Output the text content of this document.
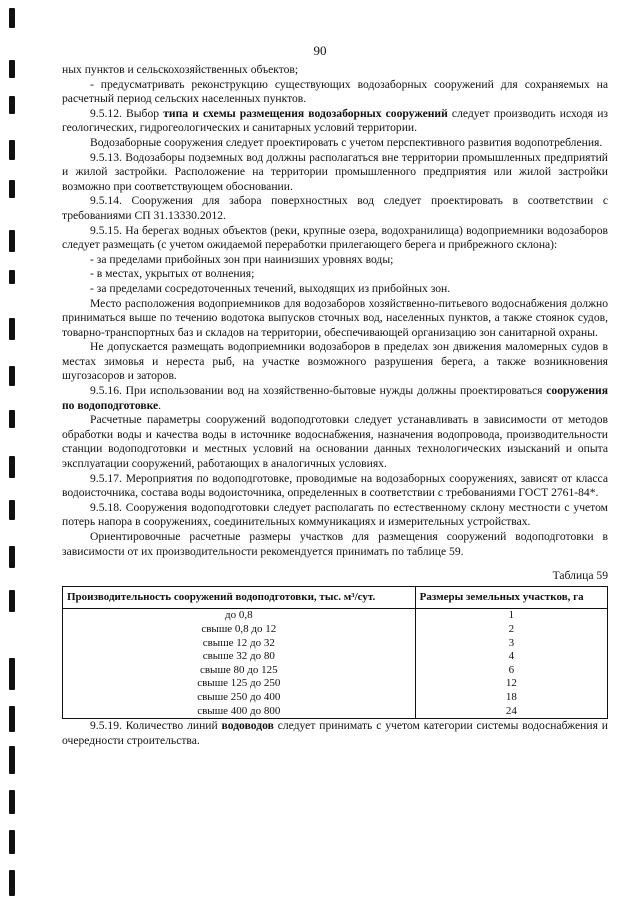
90

ных пунктов и сельскохозяйственных объектов;

- предусматривать реконструкцию существующих водозаборных сооружений для сохраняемых на расчетный период сельских населенных пунктов.

9.5.12. Выбор типа и схемы размещения водозаборных сооружений следует производить исходя из геологических, гидрогеологических и санитарных условий территории.

Водозаборные сооружения следует проектировать с учетом перспективного развития водопотребления.

9.5.13. Водозаборы подземных вод должны располагаться вне территории промышленных предприятий и жилой застройки. Расположение на территории промышленного предприятия или жилой застройки возможно при соответствующем обосновании.

9.5.14. Сооружения для забора поверхностных вод следует проектировать в соответствии с требованиями СП 31.13330.2012.

9.5.15. На берегах водных объектов (реки, крупные озера, водохранилища) водоприемники водозаборов следует размещать (с учетом ожидаемой переработки прилегающего берега и прибрежного склона):

- за пределами прибойных зон при наинизших уровнях воды;

- в местах, укрытых от волнения;

- за пределами сосредоточенных течений, выходящих из прибойных зон.

Место расположения водоприемников для водозаборов хозяйственно-питьевого водоснабжения должно приниматься выше по течению водотока выпусков сточных вод, населенных пунктов, а также стоянок судов, товарно-транспортных баз и складов на территории, обеспечивающей организацию зон санитарной охраны.

Не допускается размещать водоприемники водозаборов в пределах зон движения маломерных судов в местах зимовья и нереста рыб, на участке возможного разрушения берега, а также возникновения шугозасоров и заторов.

9.5.16. При использовании вод на хозяйственно-бытовые нужды должны проектироваться сооружения по водоподготовке.

Расчетные параметры сооружений водоподготовки следует устанавливать в зависимости от методов обработки воды и качества воды в источнике водоснабжения, назначения водопровода, производительности станции водоподготовки и местных условий на основании данных технологических изысканий и опыта эксплуатации сооружений, работающих в аналогичных условиях.

9.5.17. Мероприятия по водоподготовке, проводимые на водозаборных сооружениях, зависят от класса водоисточника, состава воды водоисточника, определенных в соответствии с требованиями ГОСТ 2761-84*.

9.5.18. Сооружения водоподготовки следует располагать по естественному склону местности с учетом потерь напора в сооружениях, соединительных коммуникациях и измерительных устройствах.

Ориентировочные расчетные размеры участков для размещения сооружений водоподготовки в зависимости от их производительности рекомендуется принимать по таблице 59.

Таблица 59
Производительность сооружений водоподготовки, тыс. м³/сут.	Размеры земельных участков, га
до 0,8	1
свыше 0,8 до 12	2
свыше 12 до 32	3
свыше 32 до 80	4
свыше 80 до 125	6
свыше 125 до 250	12
свыше 250 до 400	18
свыше 400 до 800	24

9.5.19. Количество линий водоводов следует принимать с учетом категории системы водоснабжения и очередности строительства.
